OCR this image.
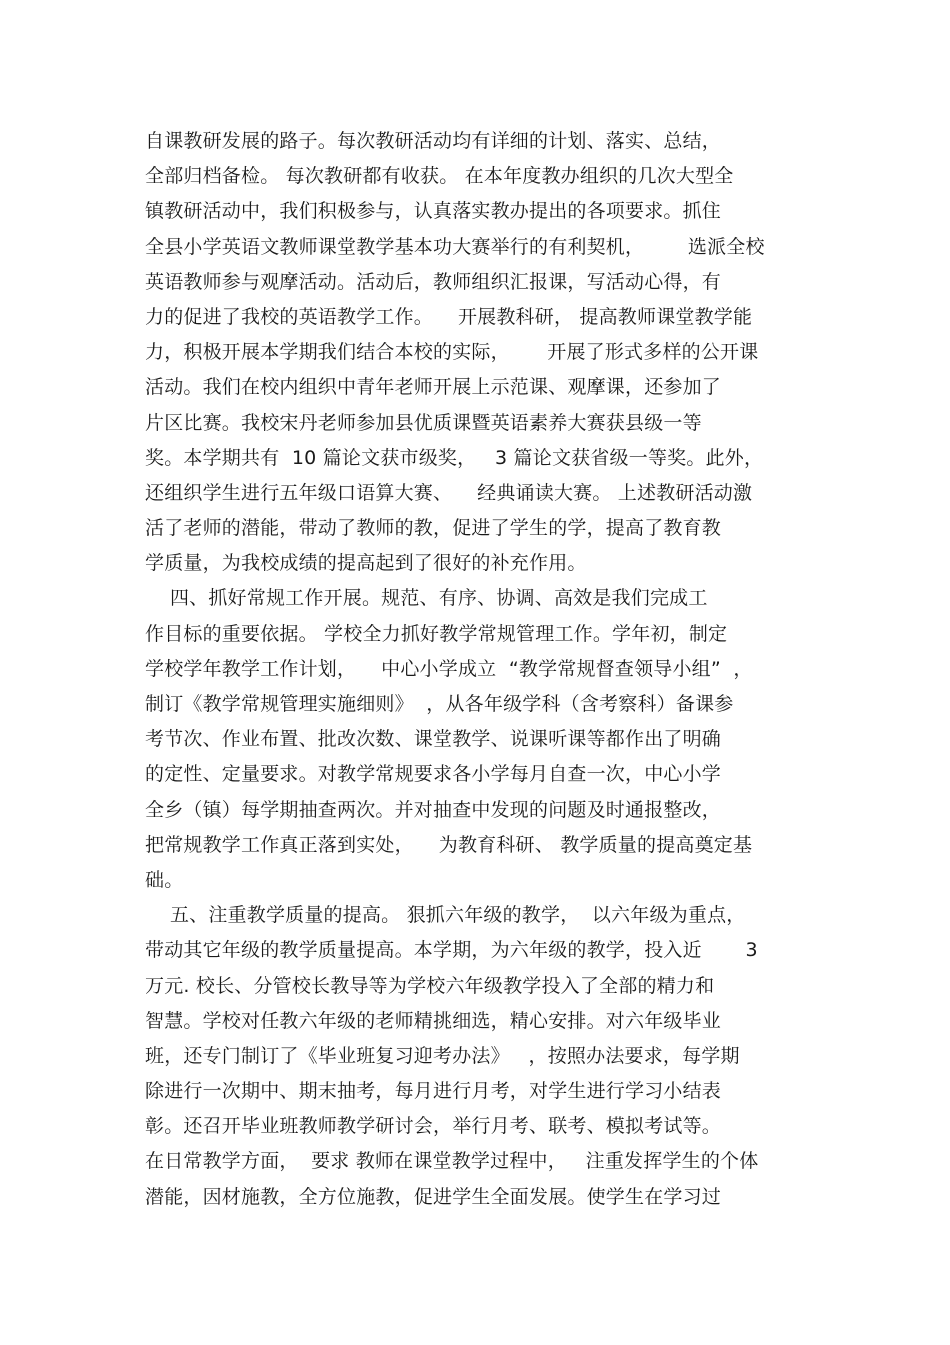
自课教研发展的路子。每次教研活动均有详细的计划、落实、总结，
全部归档备检。 每次教研都有收获。 在本年度教办组织的几次大型全
镇教研活动中，我们积极参与，认真落实教办提出的各项要求。抓住
全县小学英语文教师课堂教学基本功大赛举行的有利契机，       选派全校
英语教师参与观摩活动。活动后，教师组织汇报课，写活动心得，有
力的促进了我校的英语教学工作。    开展教科研， 提高教师课堂教学能
力，积极开展本学期我们结合本校的实际，      开展了形式多样的公开课
活动。我们在校内组织中青年老师开展上示范课、观摩课，还参加了
片区比赛。我校宋丹老师参加县优质课暨英语素养大赛获县级一等
奖。本学期共有  10 篇论文获市级奖，   3 篇论文获省级一等奖。此外，
还组织学生进行五年级口语算大赛、    经典诵读大赛。 上述教研活动激
活了老师的潜能，带动了教师的教，促进了学生的学，提高了教育教
学质量，为我校成绩的提高起到了很好的补充作用。
四、抓好常规工作开展。规范、有序、协调、高效是我们完成工
作目标的重要依据。 学校全力抓好教学常规管理工作。学年初，制定
学校学年教学工作计划，    中心小学成立  “教学常规督查领导小组”  ，
制订《教学常规管理实施细则》  ，从各年级学科（含考察科）备课参
考节次、作业布置、批改次数、课堂教学、说课听课等都作出了明确
的定性、定量要求。对教学常规要求各小学每月自查一次，中心小学
全乡（镇）每学期抽查两次。并对抽查中发现的问题及时通报整改，
把常规教学工作真正落到实处，    为教育科研、 教学质量的提高奠定基
础。
五、注重教学质量的提高。 狠抓六年级的教学，  以六年级为重点，
带动其它年级的教学质量提高。本学期，为六年级的教学，投入近       3
万元. 校长、分管校长教导等为学校六年级教学投入了全部的精力和
智慧。学校对任教六年级的老师精挑细选，精心安排。对六年级毕业
班，还专门制订了《毕业班复习迎考办法》   ，按照办法要求，每学期
除进行一次期中、期末抽考，每月进行月考，对学生进行学习小结表
彰。还召开毕业班教师教学研讨会，举行月考、联考、模拟考试等。
在日常教学方面，  要求 教师在课堂教学过程中，   注重发挥学生的个体
潜能，因材施教，全方位施教，促进学生全面发展。使学生在学习过
